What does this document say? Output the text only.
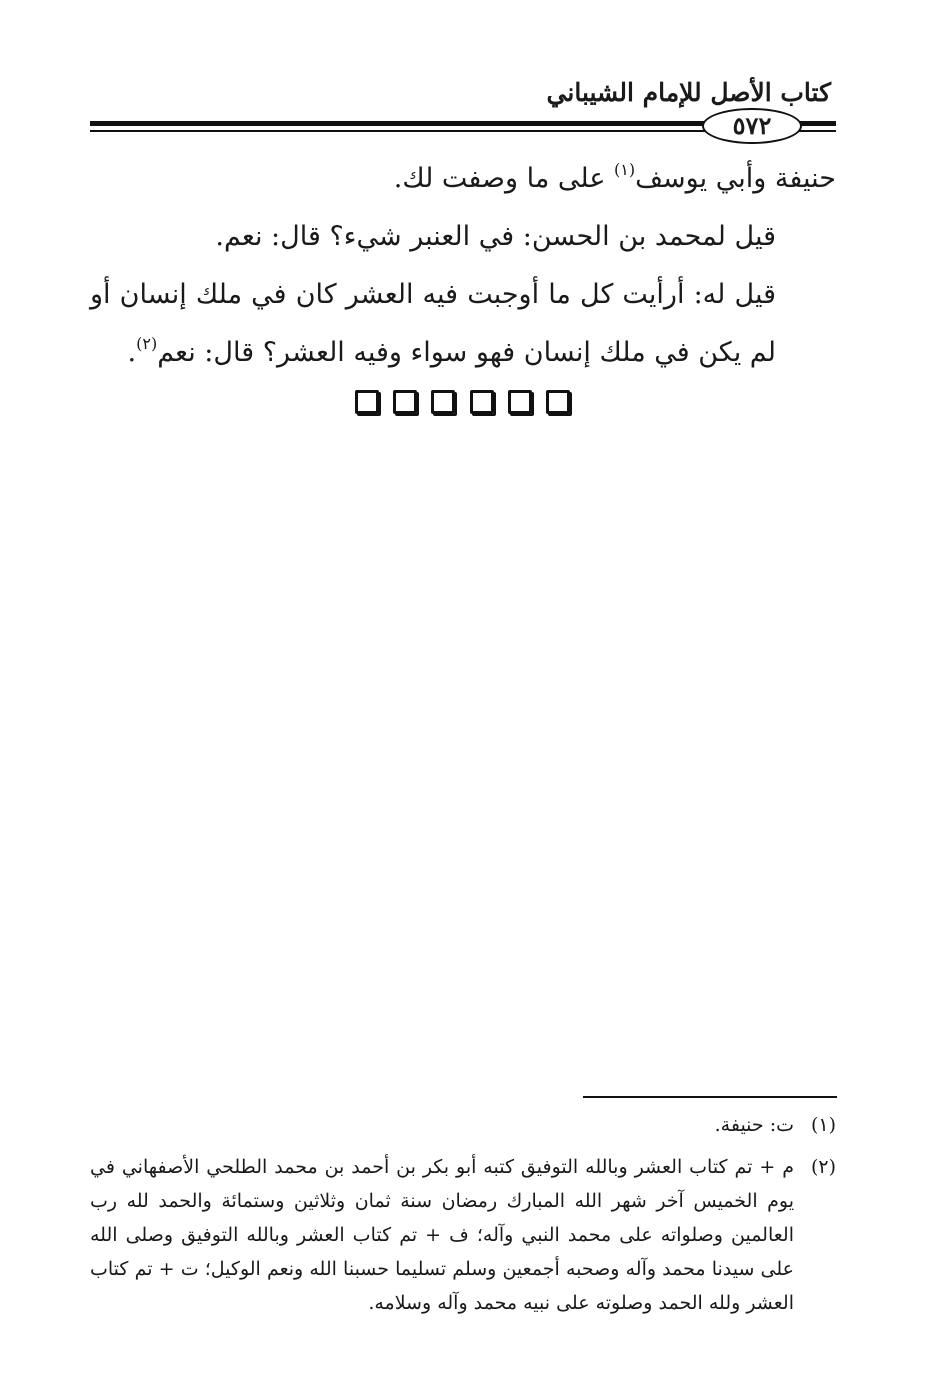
كتاب الأصل للإمام الشيباني
٥٧٢

حنيفة وأبي يوسف$^{(١)}$ على ما وصفت لك.

قيل لمحمد بن الحسن: في العنبر شيء؟ قال: نعم.

قيل له: أرأيت كل ما أوجبت فيه العشر كان في ملك إنسان أو لم يكن في ملك إنسان فهو سواء وفيه العشر؟ قال: نعم$^{(٢)}$.

(١)
ت: حنيفة.
(٢)
م + تم كتاب العشر وبالله التوفيق كتبه أبو بكر بن أحمد بن محمد الطلحي الأصفهاني في يوم الخميس آخر شهر الله المبارك رمضان سنة ثمان وثلاثين وستمائة والحمد لله رب العالمين وصلواته على محمد النبي وآله؛ ف + تم كتاب العشر وبالله التوفيق وصلى الله على سيدنا محمد وآله وصحبه أجمعين وسلم تسليما حسبنا الله ونعم الوكيل؛ ت + تم كتاب العشر ولله الحمد وصلوته على نبيه محمد وآله وسلامه.
